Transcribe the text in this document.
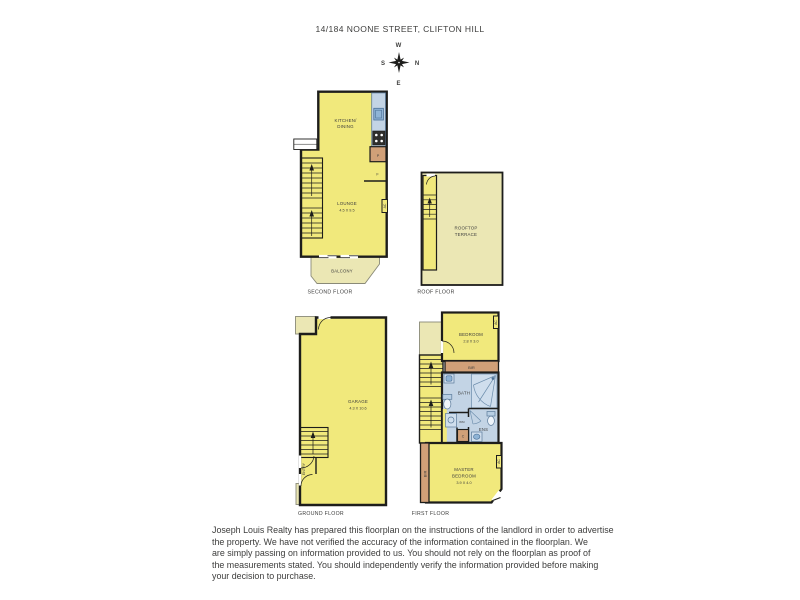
14/184 NOONE STREET, CLIFTON HILL
W
E
N
S
P
F
AC
KITCHEN/
DINING
LOUNGE
4.5 X 9.5
BALCONY
SECOND FLOOR
ROOFTOP
TERRACE
ROOF FLOOR
ENTRY
GARAGE
4.3 X 10.6
GROUND FLOOR
AC
BEDROOM
2.8 X 3.0
BIR
WM
C
BATH
ENS
BIR
AC
MASTER
BEDROOM
3.9 X 4.0
FIRST FLOOR
Joseph Louis Realty has prepared this floorplan on the instructions of the landlord in order to advertise
the property. We have not verified the accuracy of the information contained in the floorplan. We
are simply passing on information provided to us. You should not rely on the floorplan as proof of
the measurements stated. You should independently verify the information provided before making
your decision to purchase.
